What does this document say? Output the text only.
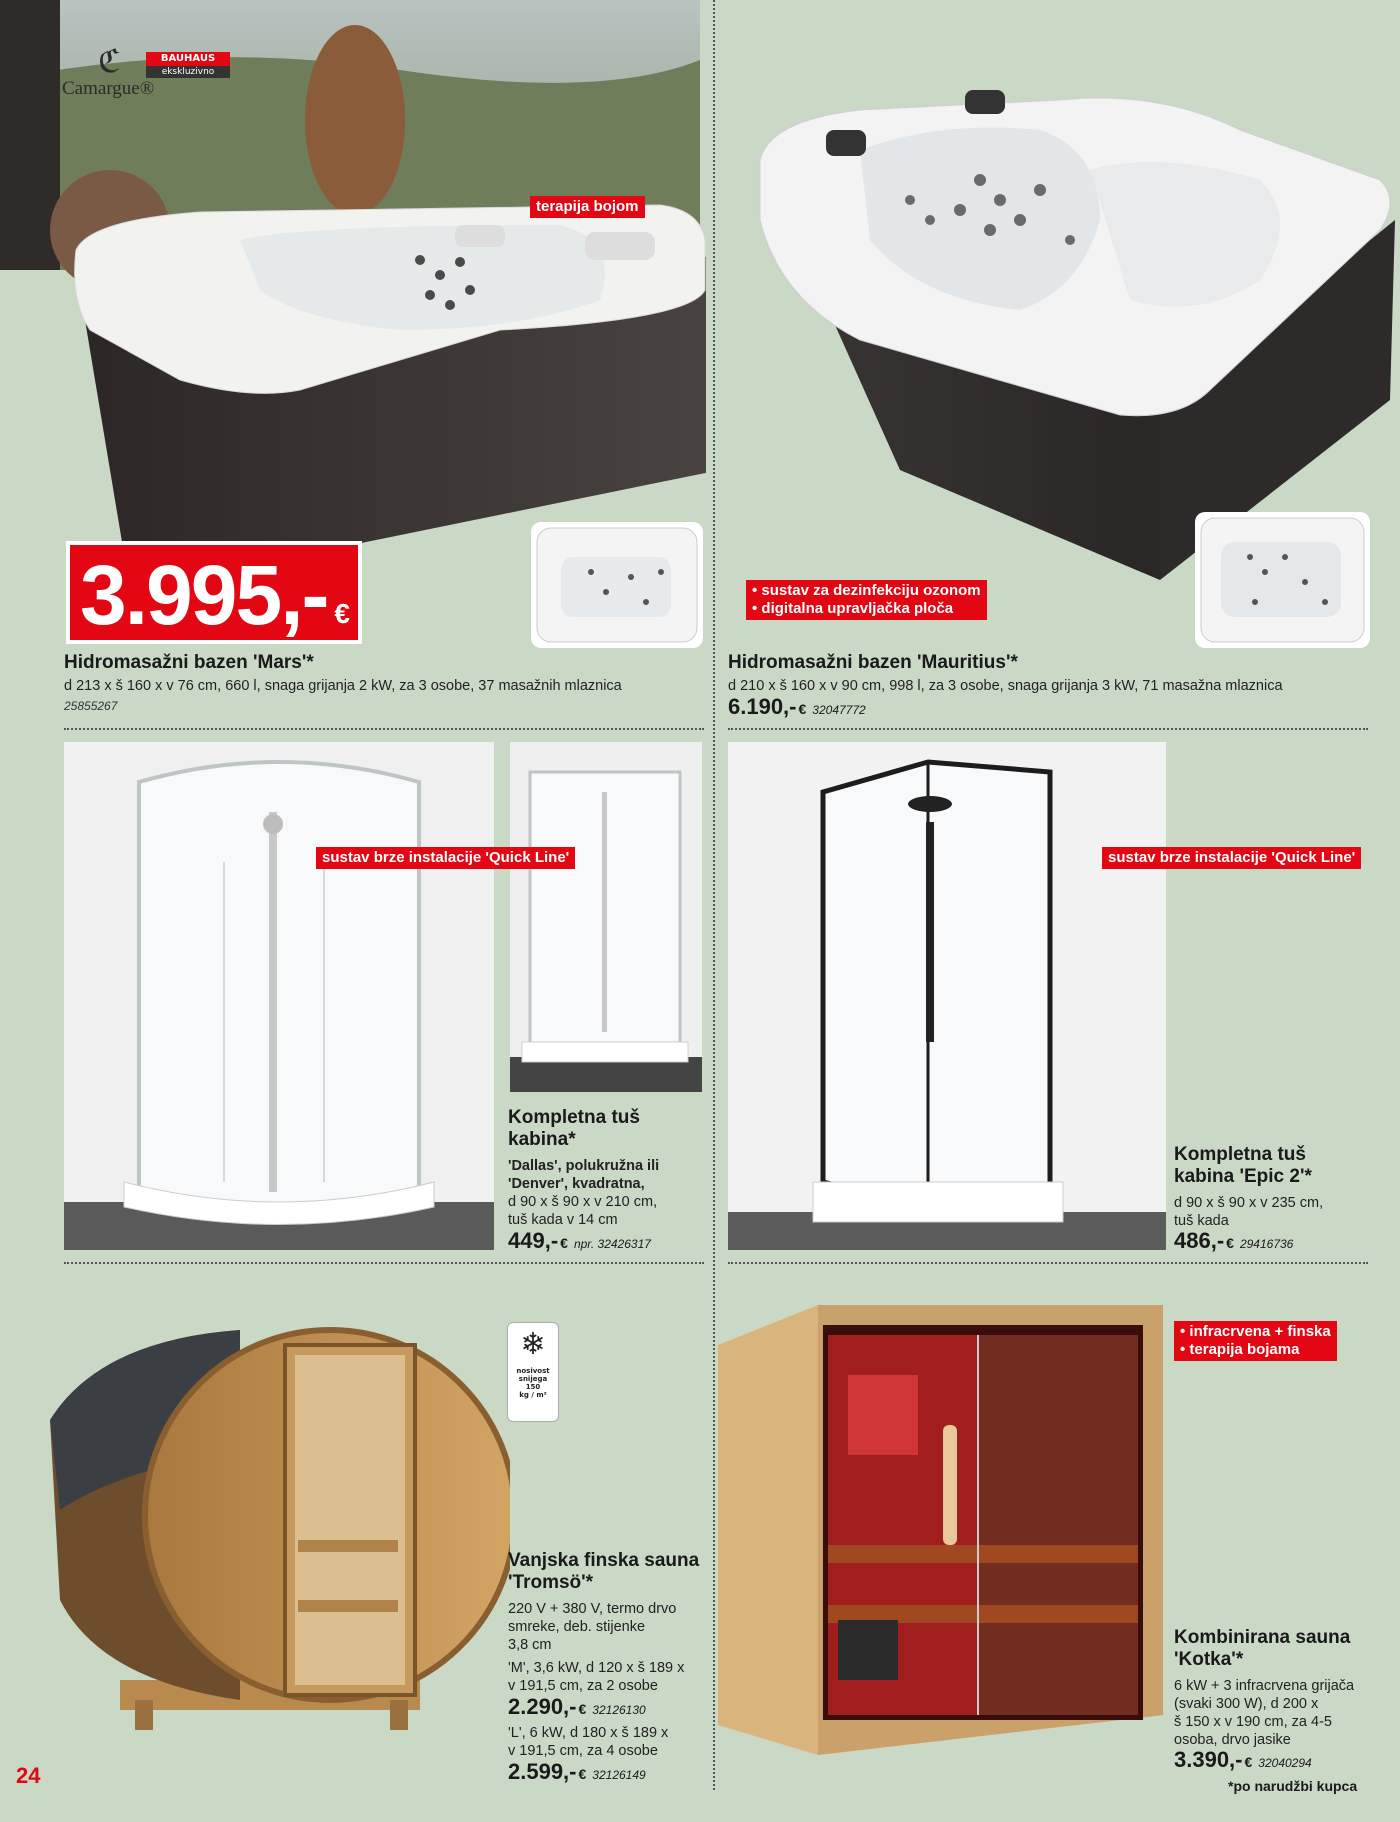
ℭ
Camargue®
BAUHAUS
ekskluzivno
terapija bojom
3.995,- €
Hidromasažni bazen 'Mars'*
d 213 x š 160 x v 76 cm, 660 l, snaga grijanja 2 kW, za 3 osobe, 37 masažnih mlaznica
25855267
• sustav za dezinfekciju ozonom
• digitalna upravljačka ploča
Hidromasažni bazen 'Mauritius'*
d 210 x š 160 x v 90 cm, 998 l, za 3 osobe, snaga grijanja 3 kW, 71 masažna mlaznica
6.190,- € 32047772
sustav brze instalacije 'Quick Line'
Kompletna tuš
kabina*
'Dallas', polukružna ili
'Denver', kvadratna,
d 90 x š 90 x v 210 cm,
tuš kada v 14 cm
449,- € npr. 32426317
sustav brze instalacije 'Quick Line'
Kompletna tuš
kabina 'Epic 2'*
d 90 x š 90 x v 235 cm,
tuš kada
486,- € 29416736
❄
nosivost
snijega
150
kg / m²
Vanjska finska sauna
'Tromsö'*
220 V + 380 V, termo drvo
smreke, deb. stijenke
3,8 cm
'M', 3,6 kW, d 120 x š 189 x
v 191,5 cm, za 2 osobe
2.290,- € 32126130
'L', 6 kW, d 180 x š 189 x
v 191,5 cm, za 4 osobe
2.599,- € 32126149
• infracrvena + finska
• terapija bojama
Kombinirana sauna
'Kotka'*
6 kW + 3 infracrvena grijača
(svaki 300 W), d 200 x
š 150 x v 190 cm, za 4-5
osoba, drvo jasike
3.390,- € 32040294
*po narudžbi kupca
24
